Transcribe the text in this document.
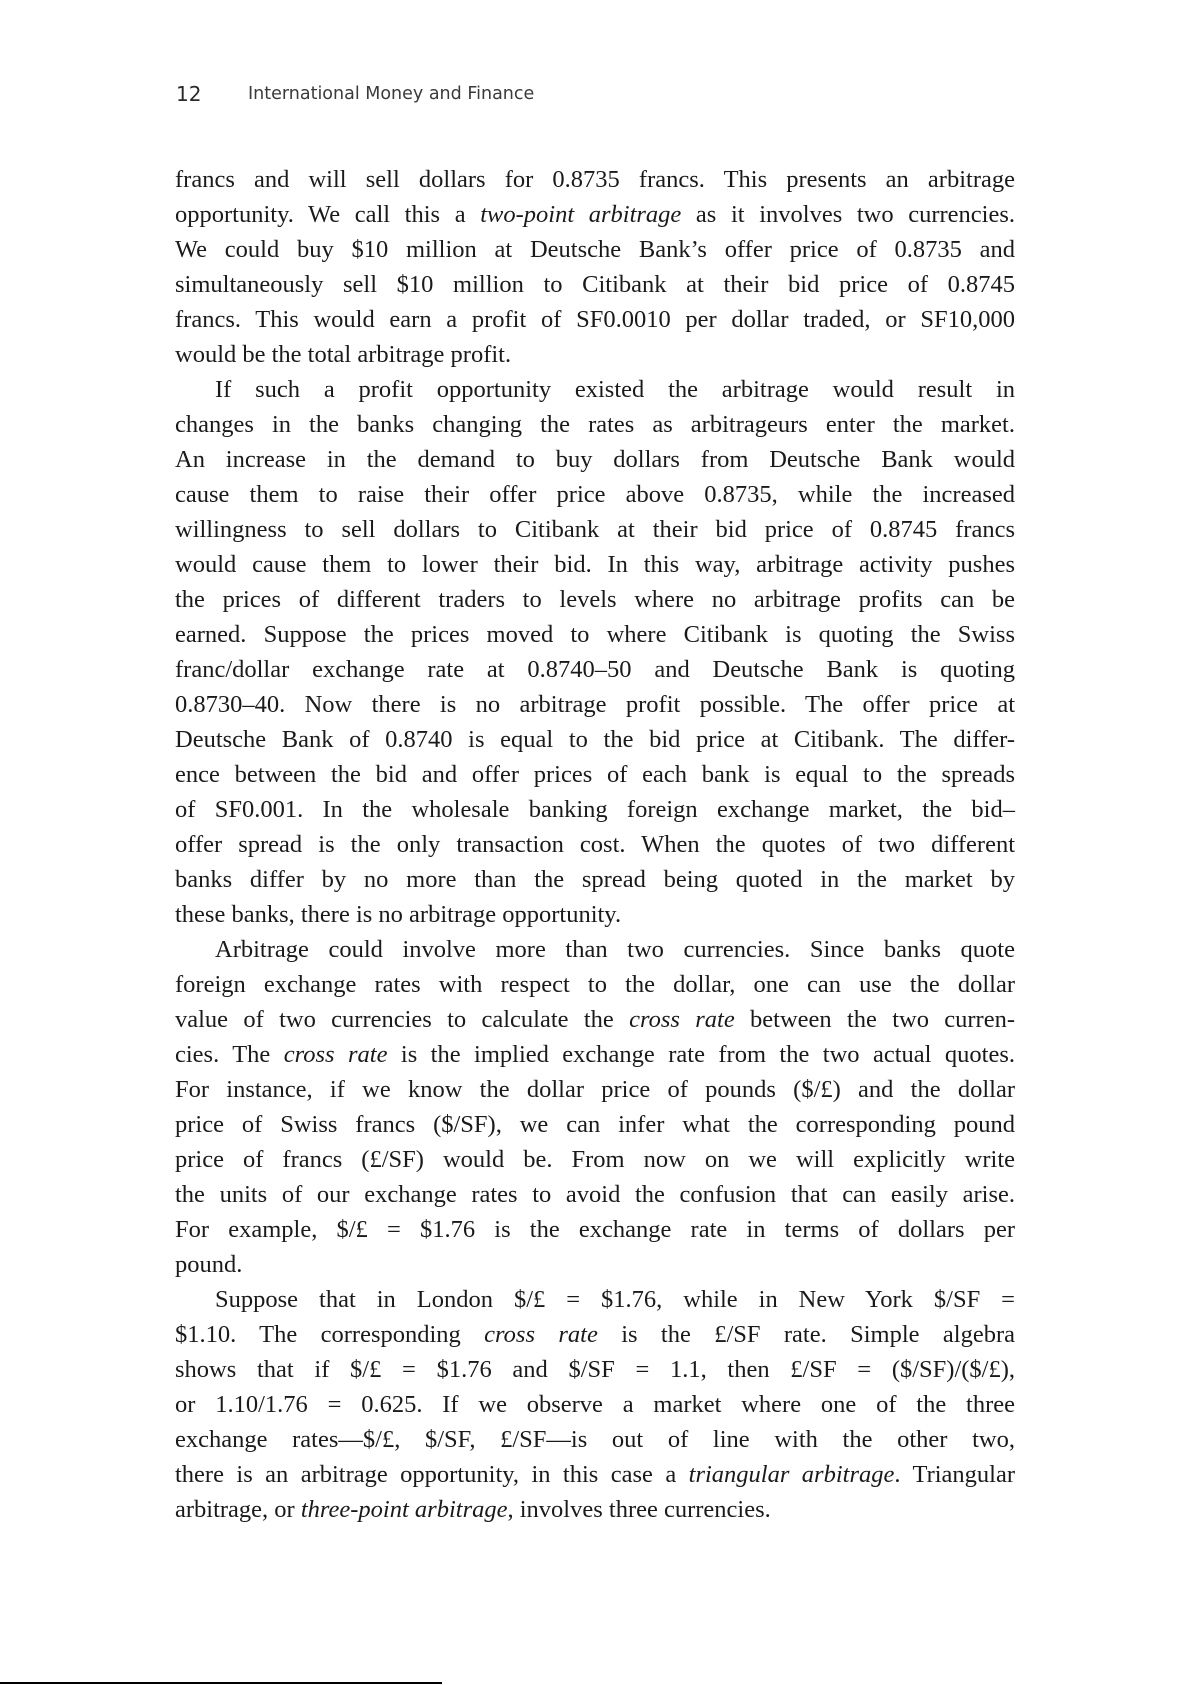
12	International Money and Finance
francs and will sell dollars for 0.8735 francs. This presents an arbitrage
opportunity. We call this a two-point arbitrage as it involves two currencies.
We could buy $10 million at Deutsche Bank’s offer price of 0.8735 and
simultaneously sell $10 million to Citibank at their bid price of 0.8745
francs. This would earn a profit of SF0.0010 per dollar traded, or SF10,000
would be the total arbitrage profit.
If such a profit opportunity existed the arbitrage would result in
changes in the banks changing the rates as arbitrageurs enter the market.
An increase in the demand to buy dollars from Deutsche Bank would
cause them to raise their offer price above 0.8735, while the increased
willingness to sell dollars to Citibank at their bid price of 0.8745 francs
would cause them to lower their bid. In this way, arbitrage activity pushes
the prices of different traders to levels where no arbitrage profits can be
earned. Suppose the prices moved to where Citibank is quoting the Swiss
franc/dollar exchange rate at 0.8740–50 and Deutsche Bank is quoting
0.8730–40. Now there is no arbitrage profit possible. The offer price at
Deutsche Bank of 0.8740 is equal to the bid price at Citibank. The differ-
ence between the bid and offer prices of each bank is equal to the spreads
of SF0.001. In the wholesale banking foreign exchange market, the bid–
offer spread is the only transaction cost. When the quotes of two different
banks differ by no more than the spread being quoted in the market by
these banks, there is no arbitrage opportunity.
Arbitrage could involve more than two currencies. Since banks quote
foreign exchange rates with respect to the dollar, one can use the dollar
value of two currencies to calculate the cross rate between the two curren-
cies. The cross rate is the implied exchange rate from the two actual quotes.
For instance, if we know the dollar price of pounds ($/£) and the dollar
price of Swiss francs ($/SF), we can infer what the corresponding pound
price of francs (£/SF) would be. From now on we will explicitly write
the units of our exchange rates to avoid the confusion that can easily arise.
For example, $/£ = $1.76 is the exchange rate in terms of dollars per
pound.
Suppose that in London $/£ = $1.76, while in New York $/SF =
$1.10. The corresponding cross rate is the £/SF rate. Simple algebra
shows that if $/£ = $1.76 and $/SF = 1.1, then £/SF = ($/SF)/($/£),
or 1.10/1.76 = 0.625. If we observe a market where one of the three
exchange rates—$/£, $/SF, £/SF—is out of line with the other two,
there is an arbitrage opportunity, in this case a triangular arbitrage. Triangular
arbitrage, or three-point arbitrage, involves three currencies.
